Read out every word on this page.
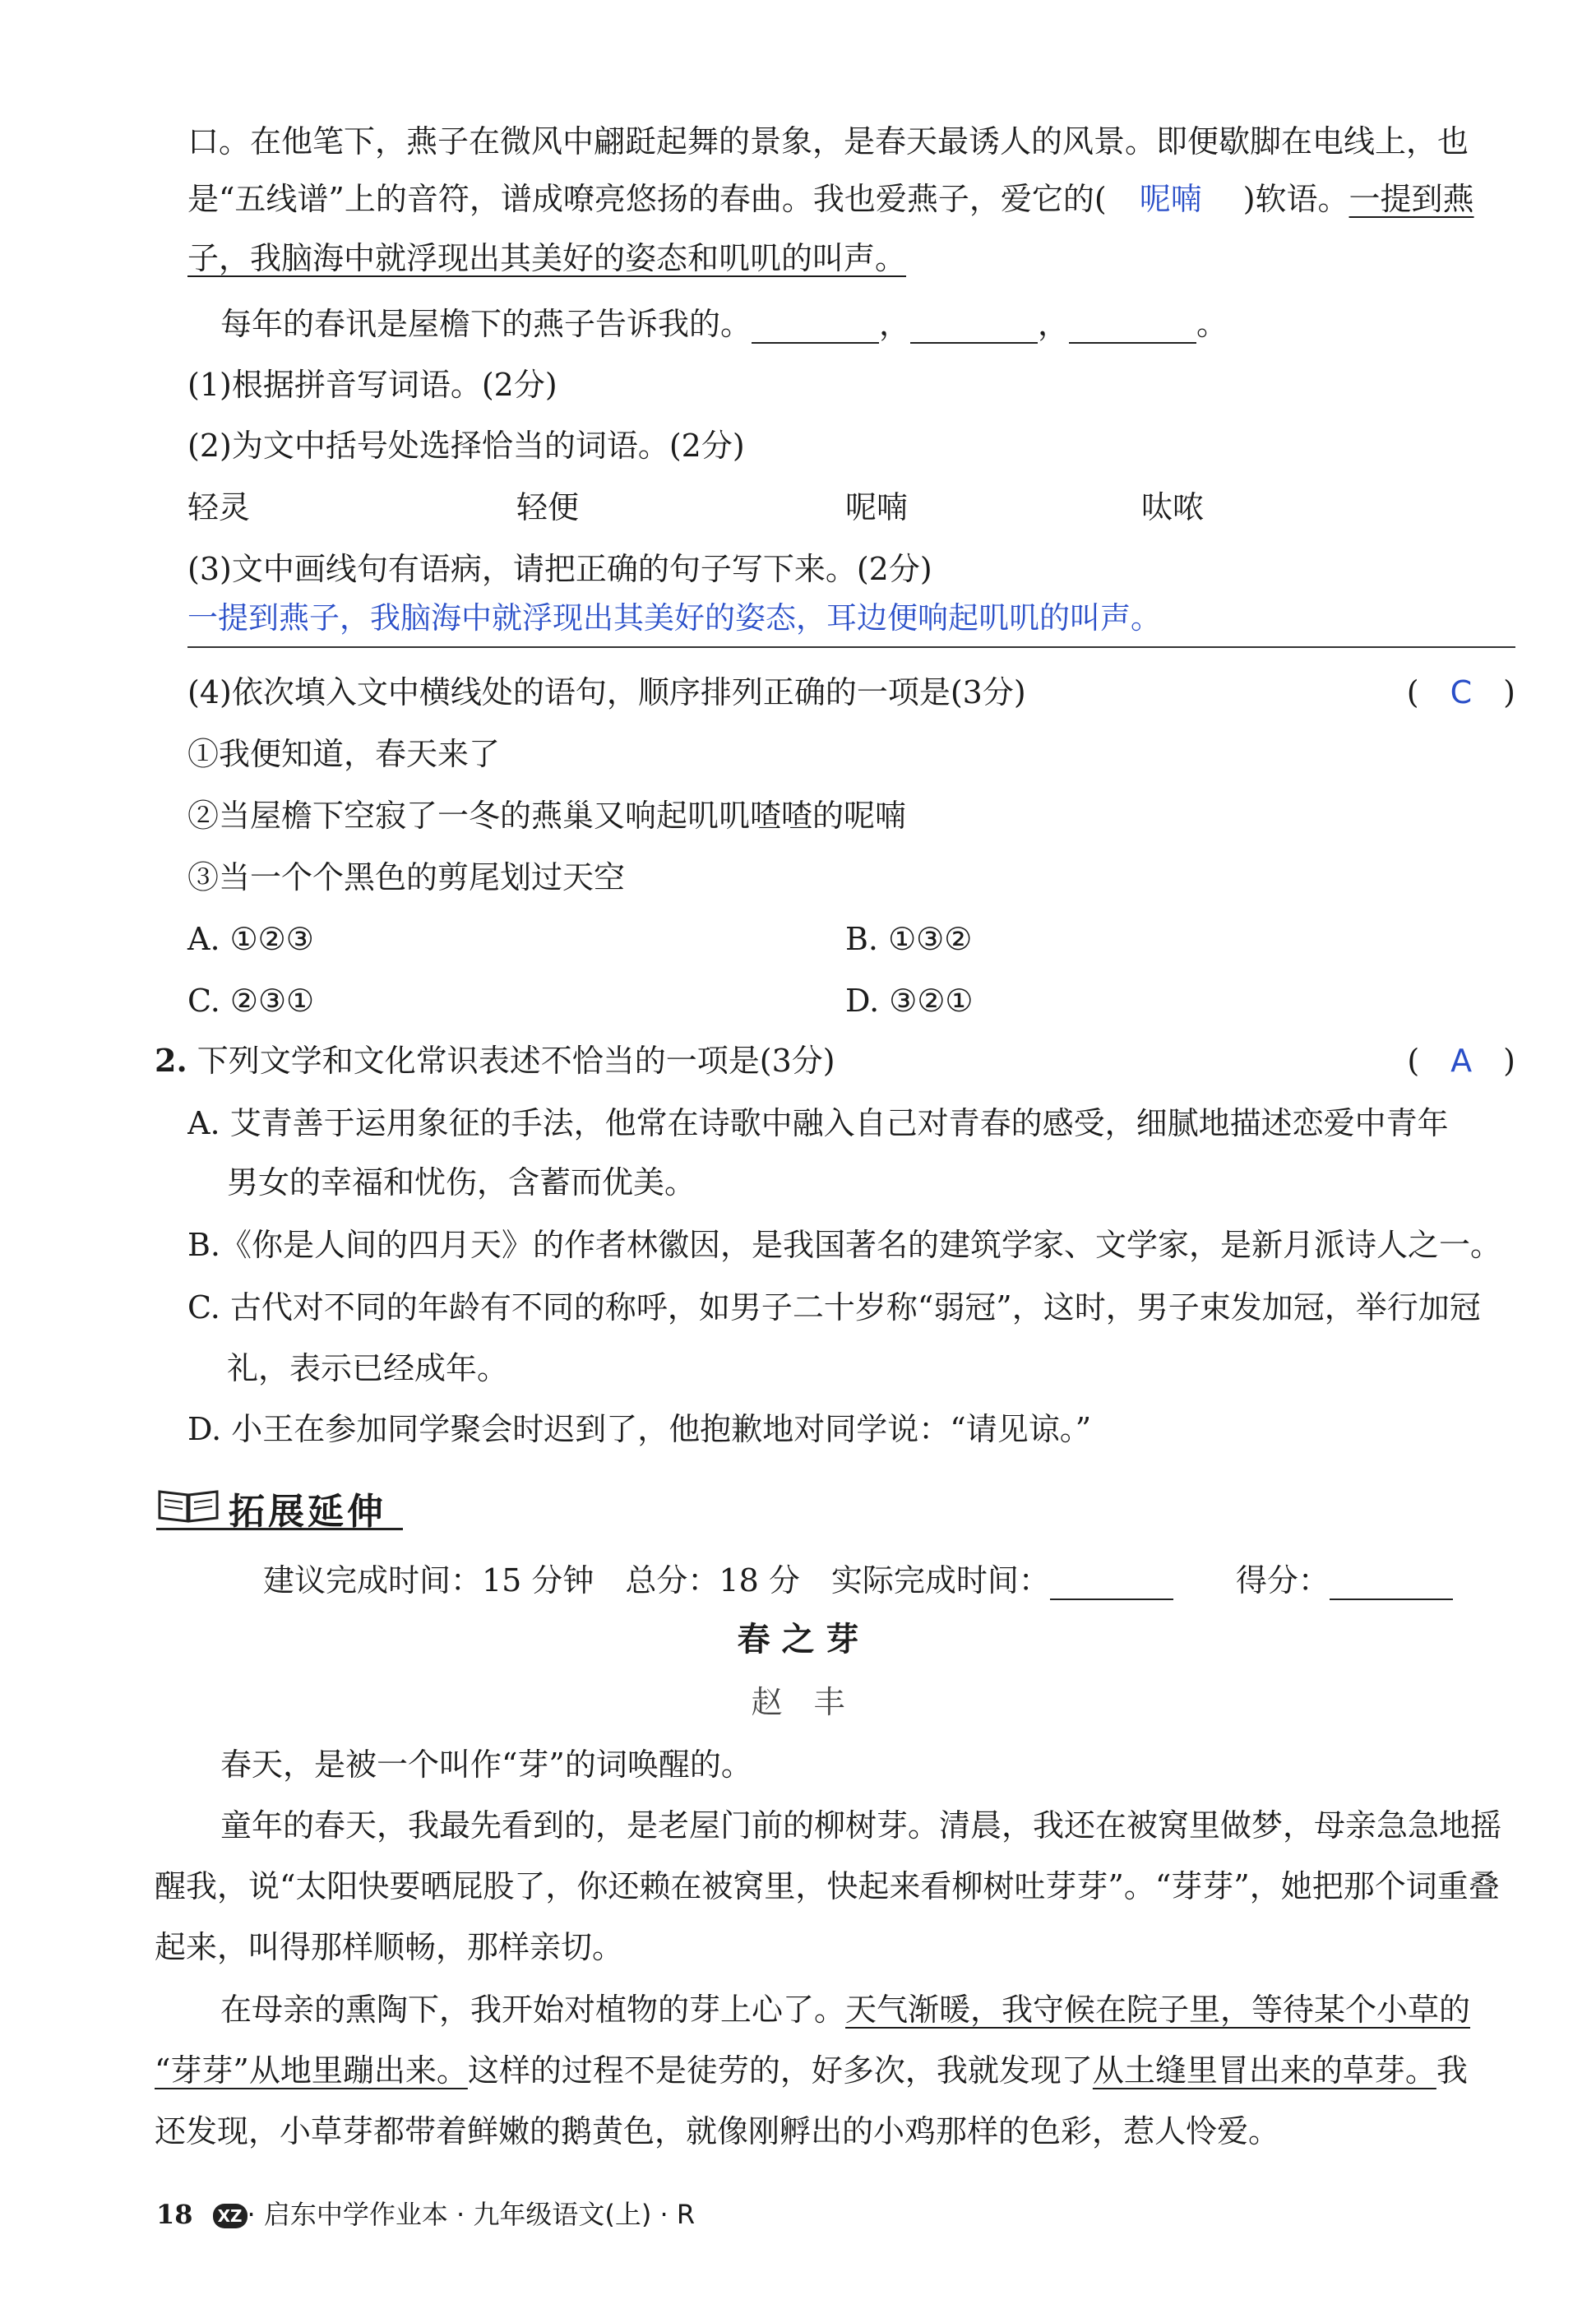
口。在他笔下，燕子在微风中翩跹起舞的景象，是春天最诱人的风景。即便歇脚在电线上，也
是“五线谱”上的音符，谱成嘹亮悠扬的春曲。我也爱燕子，爱它的( 呢喃 )软语。一提到燕
子，我脑海中就浮现出其美好的姿态和叽叽的叫声。
每年的春讯是屋檐下的燕子告诉我的。	，	，	。
(1)根据拼音写词语。(2分)
(2)为文中括号处选择恰当的词语。(2分)
轻灵	轻便	呢喃	呔哝
(3)文中画线句有语病，请把正确的句子写下来。(2分)
一提到燕子，我脑海中就浮现出其美好的姿态，耳边便响起叽叽的叫声。
(4)依次填入文中横线处的语句，顺序排列正确的一项是(3分)	(　C　)
①我便知道，春天来了
②当屋檐下空寂了一冬的燕巢又响起叽叽喳喳的呢喃
③当一个个黑色的剪尾划过天空
A. ①②③	B. ①③②
C. ②③①	D. ③②①
2. 下列文学和文化常识表述不恰当的一项是(3分)	(　A　)
A. 艾青善于运用象征的手法，他常在诗歌中融入自己对青春的感受，细腻地描述恋爱中青年
男女的幸福和忧伤，含蓄而优美。
B.《你是人间的四月天》的作者林徽因，是我国著名的建筑学家、文学家，是新月派诗人之一。
C. 古代对不同的年龄有不同的称呼，如男子二十岁称“弱冠”，这时，男子束发加冠，举行加冠
礼，表示已经成年。
D. 小王在参加同学聚会时迟到了，他抱歉地对同学说：“请见谅。”
拓展延伸
建议完成时间：15 分钟　总分：18 分　实际完成时间：　　	得分：
春 之 芽
赵　丰
春天，是被一个叫作“芽”的词唤醒的。
童年的春天，我最先看到的，是老屋门前的柳树芽。清晨，我还在被窝里做梦，母亲急急地摇
醒我，说“太阳快要晒屁股了，你还赖在被窝里，快起来看柳树吐芽芽”。“芽芽”，她把那个词重叠
起来，叫得那样顺畅，那样亲切。
在母亲的熏陶下，我开始对植物的芽上心了。天气渐暖，我守候在院子里，等待某个小草的
“芽芽”从地里蹦出来。这样的过程不是徒劳的，好多次，我就发现了从土缝里冒出来的草芽。我
还发现，小草芽都带着鲜嫩的鹅黄色，就像刚孵出的小鸡那样的色彩，惹人怜爱。
18 XZ · 启东中学作业本 · 九年级语文(上) · R
